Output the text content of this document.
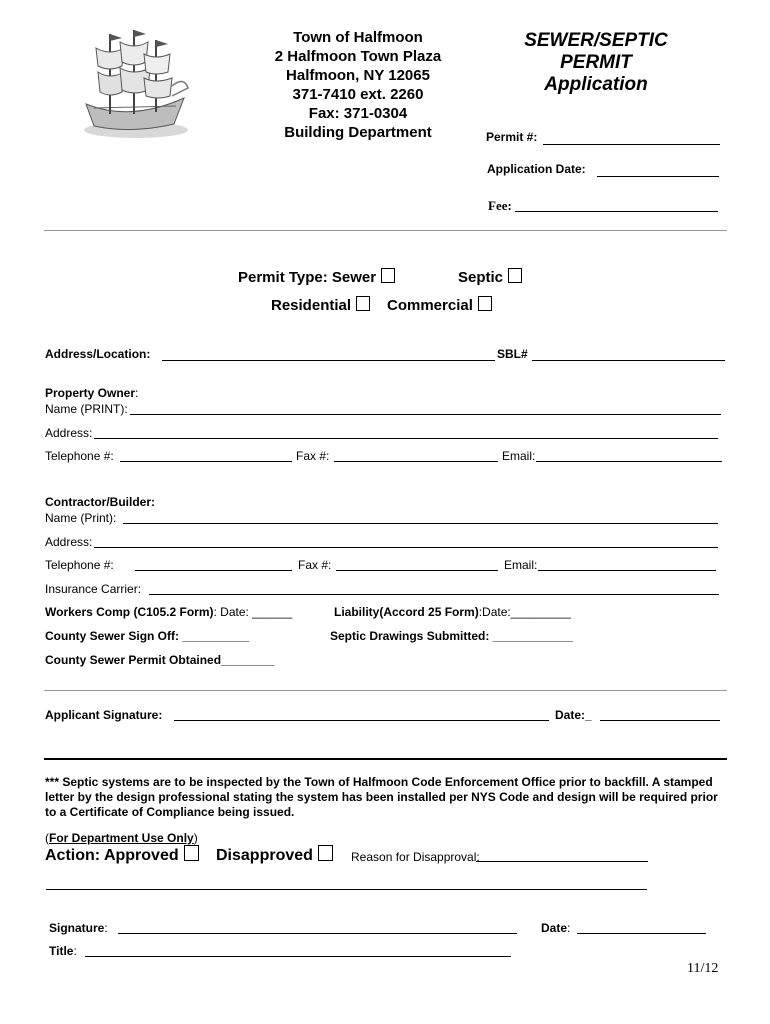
Town of Halfmoon
2 Halfmoon Town Plaza
Halfmoon, NY 12065
371-7410 ext. 2260
Fax: 371-0304
Building Department
SEWER/SEPTIC
PERMIT
Application
Permit #:
Application Date:
Fee:
Permit Type: Sewer	Septic
Residential	Commercial
Address/Location:	SBL#
Property Owner:
Name (PRINT):
Address:
Telephone #:	Fax #:	Email:
Contractor/Builder:
Name (Print):
Address:
Telephone #:	Fax #:	Email:
Insurance Carrier:
Workers Comp (C105.2 Form): Date: ______	Liability(Accord 25 Form):Date:_________
County Sewer Sign Off: __________	Septic Drawings Submitted: ____________
County Sewer Permit Obtained________
Applicant Signature:	Date:_
*** Septic systems are to be inspected by the Town of Halfmoon Code Enforcement Office prior to backfill. A stamped letter by the design professional stating the system has been installed per NYS Code and design will be required prior to a Certificate of Compliance being issued.
(For Department Use Only)
Action: Approved	Disapproved	Reason for Disapproval:
Signature:	Date:
Title:
11/12
